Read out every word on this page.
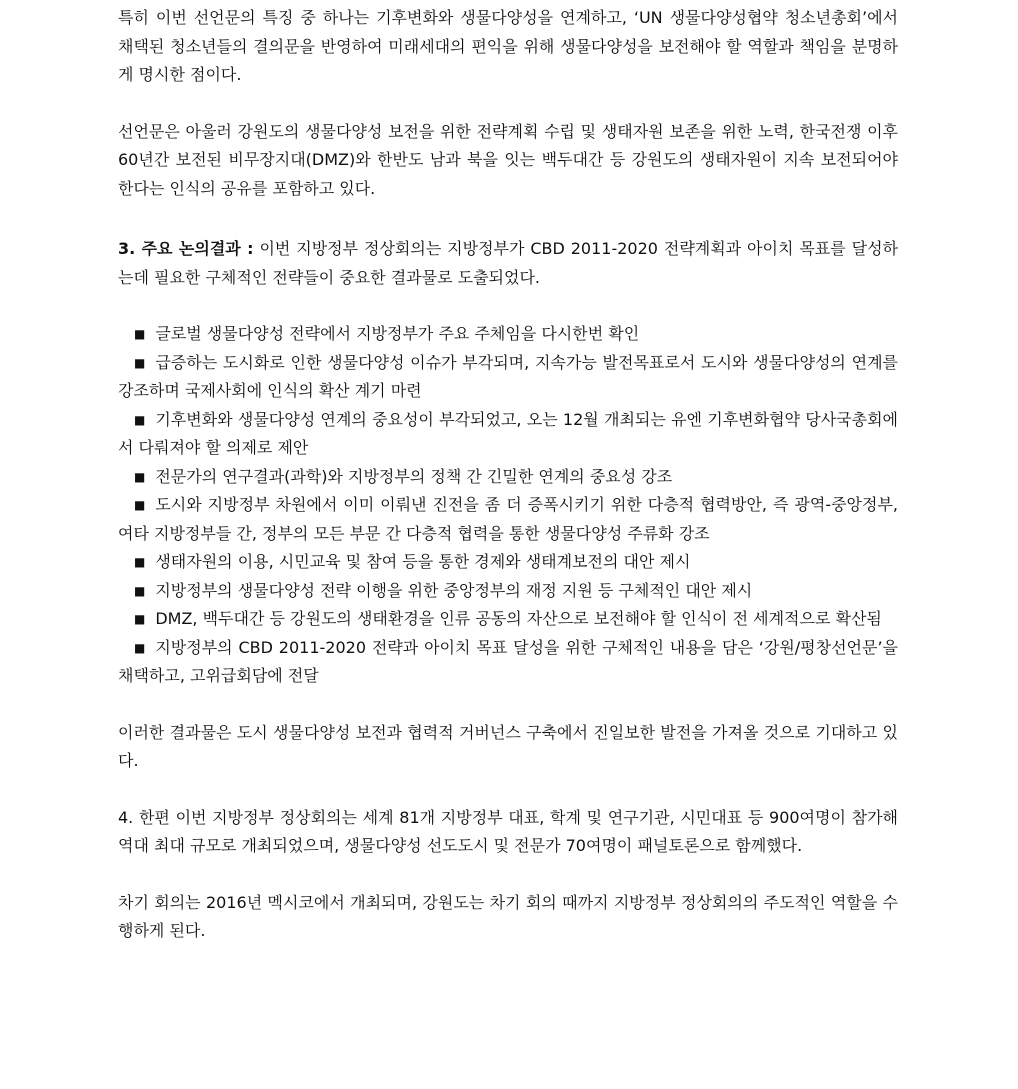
특히 이번 선언문의 특징 중 하나는 기후변화와 생물다양성을 연계하고, ‘UN 생물다양성협약 청소년총회’에서 채택된 청소년들의 결의문을 반영하여 미래세대의 편익을 위해 생물다양성을 보전해야 할 역할과 책임을 분명하게 명시한 점이다.

선언문은 아울러 강원도의 생물다양성 보전을 위한 전략계획 수립 및 생태자원 보존을 위한 노력, 한국전쟁 이후 60년간 보전된 비무장지대(DMZ)와 한반도 남과 북을 잇는 백두대간 등 강원도의 생태자원이 지속 보전되어야 한다는 인식의 공유를 포함하고 있다.

3. 주요 논의결과 : 이번 지방정부 정상회의는 지방정부가 CBD 2011-2020 전략계획과 아이치 목표를 달성하는데 필요한 구체적인 전략들이 중요한 결과물로 도출되었다.

■ 글로벌 생물다양성 전략에서 지방정부가 주요 주체임을 다시한번 확인

■ 급증하는 도시화로 인한 생물다양성 이슈가 부각되며, 지속가능 발전목표로서 도시와 생물다양성의 연계를 강조하며 국제사회에 인식의 확산 계기 마련

■ 기후변화와 생물다양성 연계의 중요성이 부각되었고, 오는 12월 개최되는 유엔 기후변화협약 당사국총회에서 다뤄져야 할 의제로 제안

■ 전문가의 연구결과(과학)와 지방정부의 정책 간 긴밀한 연계의 중요성 강조

■ 도시와 지방정부 차원에서 이미 이뤄낸 진전을 좀 더 증폭시키기 위한 다층적 협력방안, 즉 광역-중앙정부, 여타 지방정부들 간, 정부의 모든 부문 간 다층적 협력을 통한 생물다양성 주류화 강조

■ 생태자원의 이용, 시민교육 및 참여 등을 통한 경제와 생태계보전의 대안 제시

■ 지방정부의 생물다양성 전략 이행을 위한 중앙정부의 재정 지원 등 구체적인 대안 제시

■ DMZ, 백두대간 등 강원도의 생태환경을 인류 공동의 자산으로 보전해야 할 인식이 전 세계적으로 확산됨

■ 지방정부의 CBD 2011-2020 전략과 아이치 목표 달성을 위한 구체적인 내용을 담은 ‘강원/평창선언문’을 채택하고, 고위급회담에 전달

이러한 결과물은 도시 생물다양성 보전과 협력적 거버넌스 구축에서 진일보한 발전을 가져올 것으로 기대하고 있다.

4. 한편 이번 지방정부 정상회의는 세계 81개 지방정부 대표, 학계 및 연구기관, 시민대표 등 900여명이 참가해 역대 최대 규모로 개최되었으며, 생물다양성 선도도시 및 전문가 70여명이 패널토론으로 함께했다.

차기 회의는 2016년 멕시코에서 개최되며, 강원도는 차기 회의 때까지 지방정부 정상회의의 주도적인 역할을 수행하게 된다.
